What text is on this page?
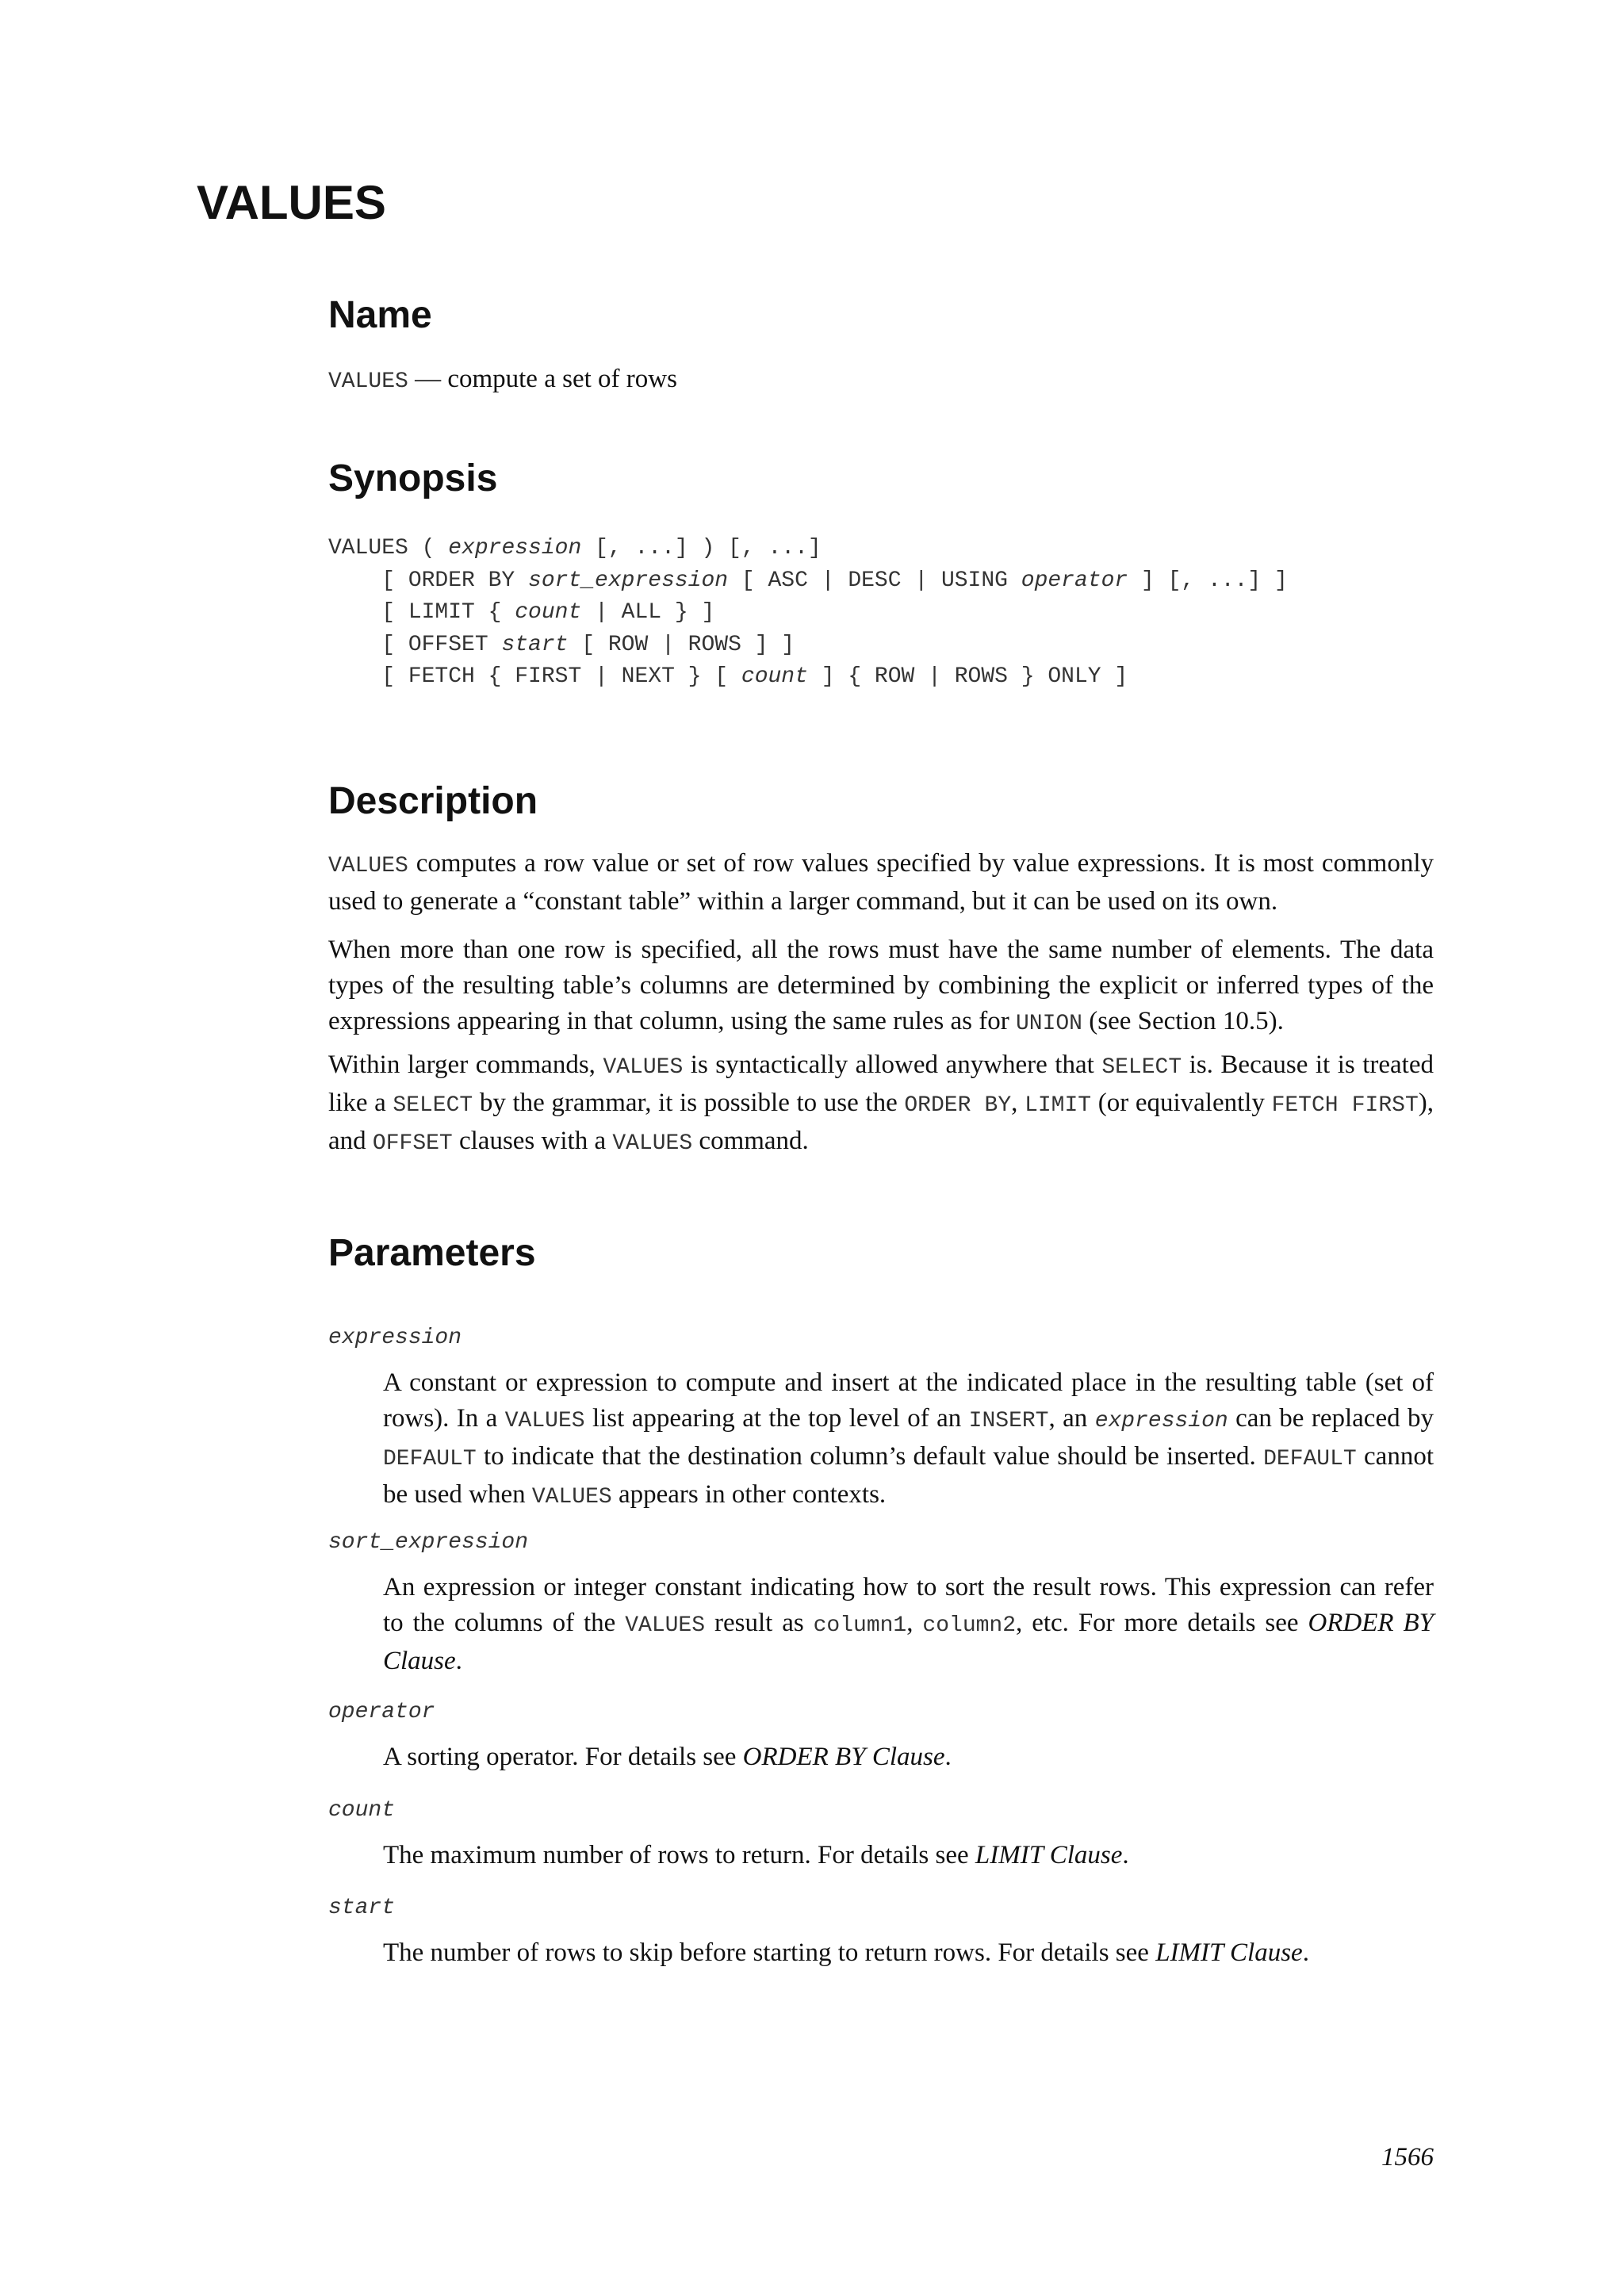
VALUES
Name

VALUES — compute a set of rows

Synopsis
VALUES ( expression [, ...] ) [, ...]
[ ORDER BY sort_expression [ ASC | DESC | USING operator ] [, ...] ]
[ LIMIT { count | ALL } ]
[ OFFSET start [ ROW | ROWS ] ]
[ FETCH { FIRST | NEXT } [ count ] { ROW | ROWS } ONLY ]
Description

VALUES computes a row value or set of row values specified by value expressions. It is most commonly used to generate a “constant table” within a larger command, but it can be used on its own.

When more than one row is specified, all the rows must have the same number of elements. The data types of the resulting table’s columns are determined by combining the explicit or inferred types of the expressions appearing in that column, using the same rules as for UNION (see Section 10.5).

Within larger commands, VALUES is syntactically allowed anywhere that SELECT is. Because it is treated like a SELECT by the grammar, it is possible to use the ORDER BY, LIMIT (or equivalently FETCH FIRST), and OFFSET clauses with a VALUES command.

Parameters

expression

A constant or expression to compute and insert at the indicated place in the resulting table (set of rows). In a VALUES list appearing at the top level of an INSERT, an expression can be replaced by DEFAULT to indicate that the destination column’s default value should be inserted. DEFAULT cannot be used when VALUES appears in other contexts.

sort_expression

An expression or integer constant indicating how to sort the result rows. This expression can refer to the columns of the VALUES result as column1, column2, etc. For more details see ORDER BY Clause.

operator

A sorting operator. For details see ORDER BY Clause.

count

The maximum number of rows to return. For details see LIMIT Clause.

start

The number of rows to skip before starting to return rows. For details see LIMIT Clause.

1566
